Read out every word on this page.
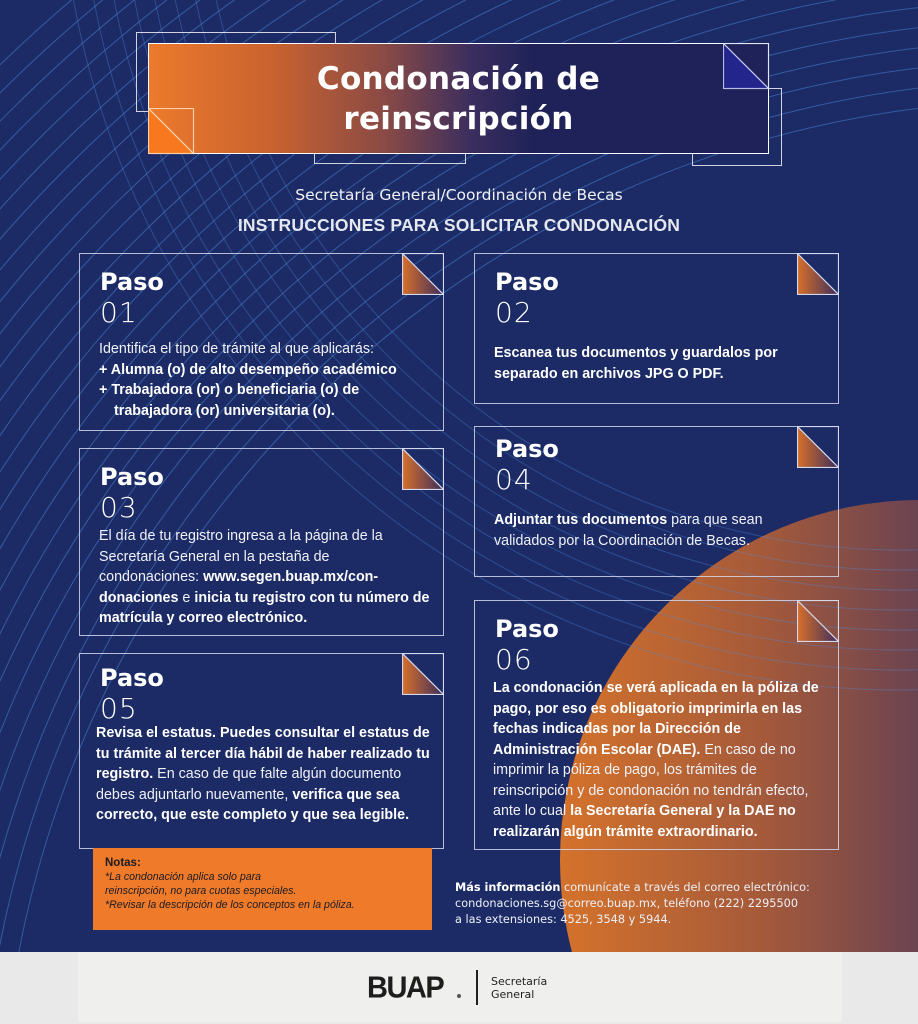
Condonación de
reinscripción
Secretaría General/Coordinación de Becas
INSTRUCCIONES PARA SOLICITAR CONDONACIÓN
Paso
01
Identifica el tipo de trámite al que aplicarás:
+ Alumna (o) de alto desempeño académico
+ Trabajadora (or) o beneficiaria (o) de

trabajadora (or) universitaria (o).
Paso
02
Escanea tus documentos y guardalos por separado en archivos JPG O PDF.
Paso
03
El día de tu registro ingresa a la página de la Secretaría General en la pestaña de condonaciones: www.segen.buap.mx/con-donaciones e inicia tu registro con tu número de matrícula y correo electrónico.
Paso
04
Adjuntar tus documentos para que sean validados por la Coordinación de Becas.
Paso
05
Revisa el estatus. Puedes consultar el estatus de tu trámite al tercer día hábil de haber realizado tu registro. En caso de que falte algún documento debes adjuntarlo nuevamente, verifica que sea correcto, que este completo y que sea legible.
Paso
06
La condonación se verá aplicada en la póliza de pago, por eso es obligatorio imprimirla en las fechas indicadas por la Dirección de Administración Escolar (DAE). En caso de no imprimir la póliza de pago, los trámites de reinscripción y de condonación no tendrán efecto, ante lo cual la Secretaría General y la DAE no realizarán algún trámite extraordinario.
Notas:
*La condonación aplica solo para
reinscripción, no para cuotas especiales.
*Revisar la descripción de los conceptos en la póliza.
Más información comunícate a través del correo electrónico:
condonaciones.sg@correo.buap.mx, teléfono (222) 2295500
a las extensiones: 4525, 3548 y 5944.
BUAP	Secretaría
General
